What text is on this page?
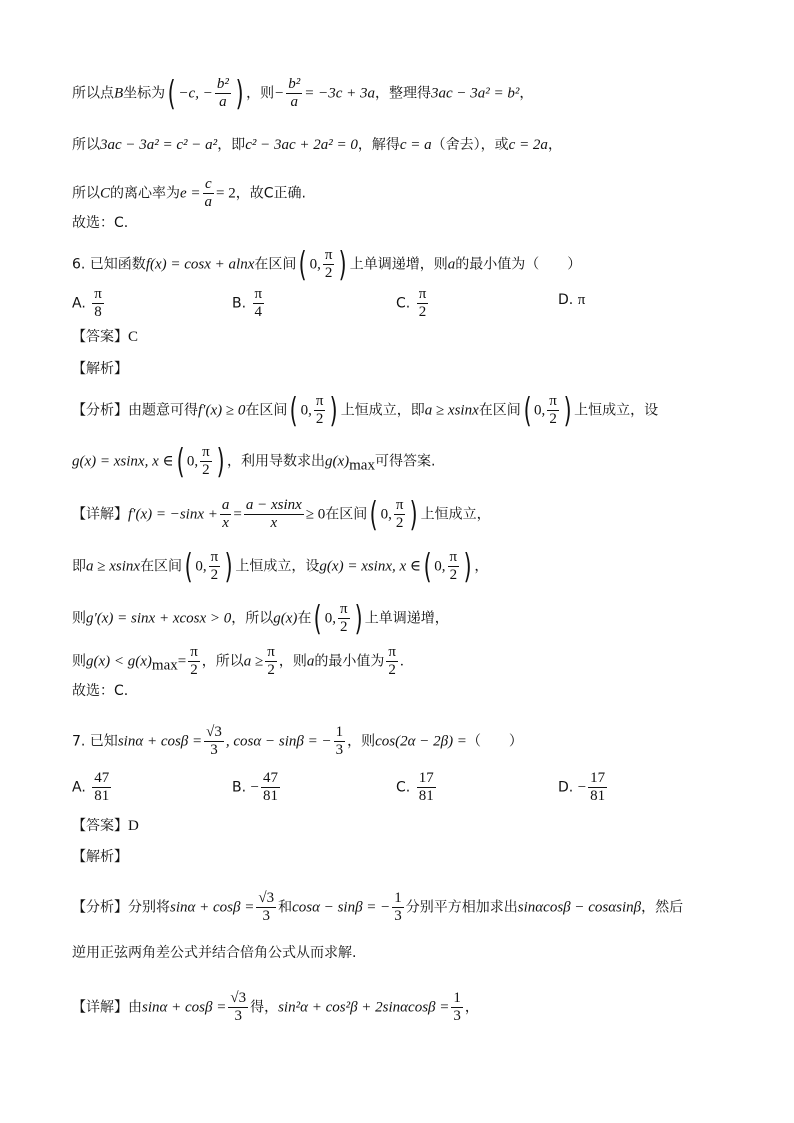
所以点B坐标为( −c, − $\frac{\text{b²}}{a}$ ) ，则− $\frac{\text{b²}}{a} = -3c + 3a$，整理得3ac − 3a² = b²，
所以3ac − 3a² = c² − a²，即c² − 3ac + 2a² = 0，解得c = a（舍去），或c = 2a，
所以C的离心率为$e = \frac{c}{a} = 2$，故C正确.
故选：C.
6. 已知函数f(x) = cosx + alnx在区间( 0, $\frac{\pi}{2}$ ) 上单调递增，则a的最小值为（　　）
A. $\frac{\pi}{8}$	B. $\frac{\pi}{4}$	C. $\frac{\pi}{2}$	D. π
【答案】C
【解析】
【分析】由题意可得f′(x) ≥ 0在区间( 0, $\frac{\pi}{2}$ ) 上恒成立，即a ≥ xsinx在区间( 0, $\frac{\pi}{2}$ ) 上恒成立，设
g(x) = xsinx, x ∈( 0, $\frac{\pi}{2}$ ) ，利用导数求出$g(x)_{max}$可得答案.
【详解】$f'(x) = -\sin x + \frac{a}{x} = \frac{a - xsinx}{x} \ge 0$在区间( 0, $\frac{\pi}{2}$ ) 上恒成立，
即a ≥ xsinx在区间( 0, $\frac{\pi}{2}$ ) 上恒成立，设g(x) = xsinx, x ∈( 0, $\frac{\pi}{2}$ ) ，
则g′(x) = sinx + xcosx > 0，所以g(x)在( 0, $\frac{\pi}{2}$ ) 上单调递增，
则$g(x) < g(x)_{max}= \frac{\pi}{2}$ ，所以$a \ge \frac{\pi}{2}$ ，则a的最小值为 $\frac{\pi}{2}$ .
故选：C.
7. 已知$\sin\alpha + \cos\beta = \frac{√3}{3}$ , cosα − sinβ = − $\frac{1}{3}$ ，则cos(2α − 2β) =（　　）
A. $\frac{47}{81}$	B. − $\frac{47}{81}$	C. $\frac{17}{81}$	D. − $\frac{17}{81}$
【答案】D
【解析】
【分析】分别将$\sin\alpha + \cos\beta = \frac{√3}{3}$ 和cosα − sinβ = − $\frac{1}{3}$ 分别平方相加求出sinαcosβ − cosαsinβ，然后
逆用正弦两角差公式并结合倍角公式从而求解.
【详解】由$\sin\alpha + \cos\beta = \frac{√3}{3}$ 得，$\sin^2\alpha + \cos^2\beta + 2\sin\alpha\cos\beta = \frac{1}{3}$ ，
